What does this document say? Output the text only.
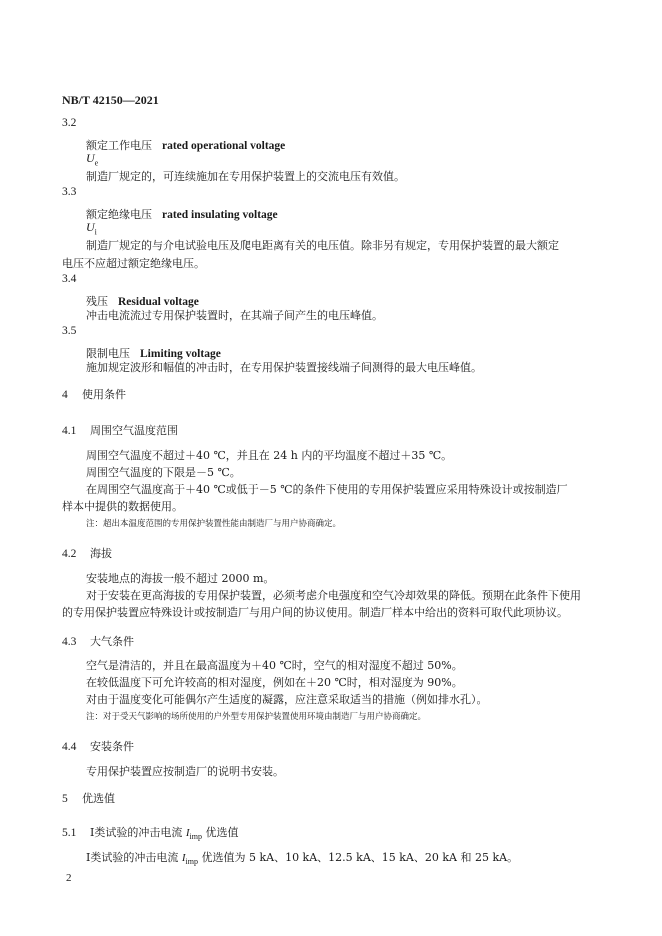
NB/T 42150—2021
3.2
额定工作电压 rated operational voltage
$U_e$
制造厂规定的，可连续施加在专用保护装置上的交流电压有效值。
3.3
额定绝缘电压 rated insulating voltage
$U_i$
制造厂规定的与介电试验电压及爬电距离有关的电压值。除非另有规定，专用保护装置的最大额定
电压不应超过额定绝缘电压。
3.4
残压 Residual voltage
冲击电流流过专用保护装置时，在其端子间产生的电压峰值。
3.5
限制电压 Limiting voltage
施加规定波形和幅值的冲击时，在专用保护装置接线端子间测得的最大电压峰值。
4 使用条件
4.1 周围空气温度范围
周围空气温度不超过＋40 ℃，并且在 24 h 内的平均温度不超过＋35 ℃。
周围空气温度的下限是－5 ℃。
在周围空气温度高于＋40 ℃或低于－5 ℃的条件下使用的专用保护装置应采用特殊设计或按制造厂
样本中提供的数据使用。
注：超出本温度范围的专用保护装置性能由制造厂与用户协商确定。
4.2 海拔
安装地点的海拔一般不超过 2000 m。
对于安装在更高海拔的专用保护装置，必须考虑介电强度和空气冷却效果的降低。预期在此条件下使用
的专用保护装置应特殊设计或按制造厂与用户间的协议使用。制造厂样本中给出的资料可取代此项协议。
4.3 大气条件
空气是清洁的，并且在最高温度为＋40 ℃时，空气的相对湿度不超过 50%。
在较低温度下可允许较高的相对湿度，例如在＋20 ℃时，相对湿度为 90%。
对由于温度变化可能偶尔产生适度的凝露，应注意采取适当的措施（例如排水孔）。
注：对于受天气影响的场所使用的户外型专用保护装置使用环境由制造厂与用户协商确定。
4.4 安装条件
专用保护装置应按制造厂的说明书安装。
5 优选值
5.1 Ⅰ类试验的冲击电流 $I_{imp}$ 优选值
Ⅰ类试验的冲击电流 $I_{imp}$ 优选值为 5 kA、10 kA、12.5 kA、15 kA、20 kA 和 25 kA。
2
